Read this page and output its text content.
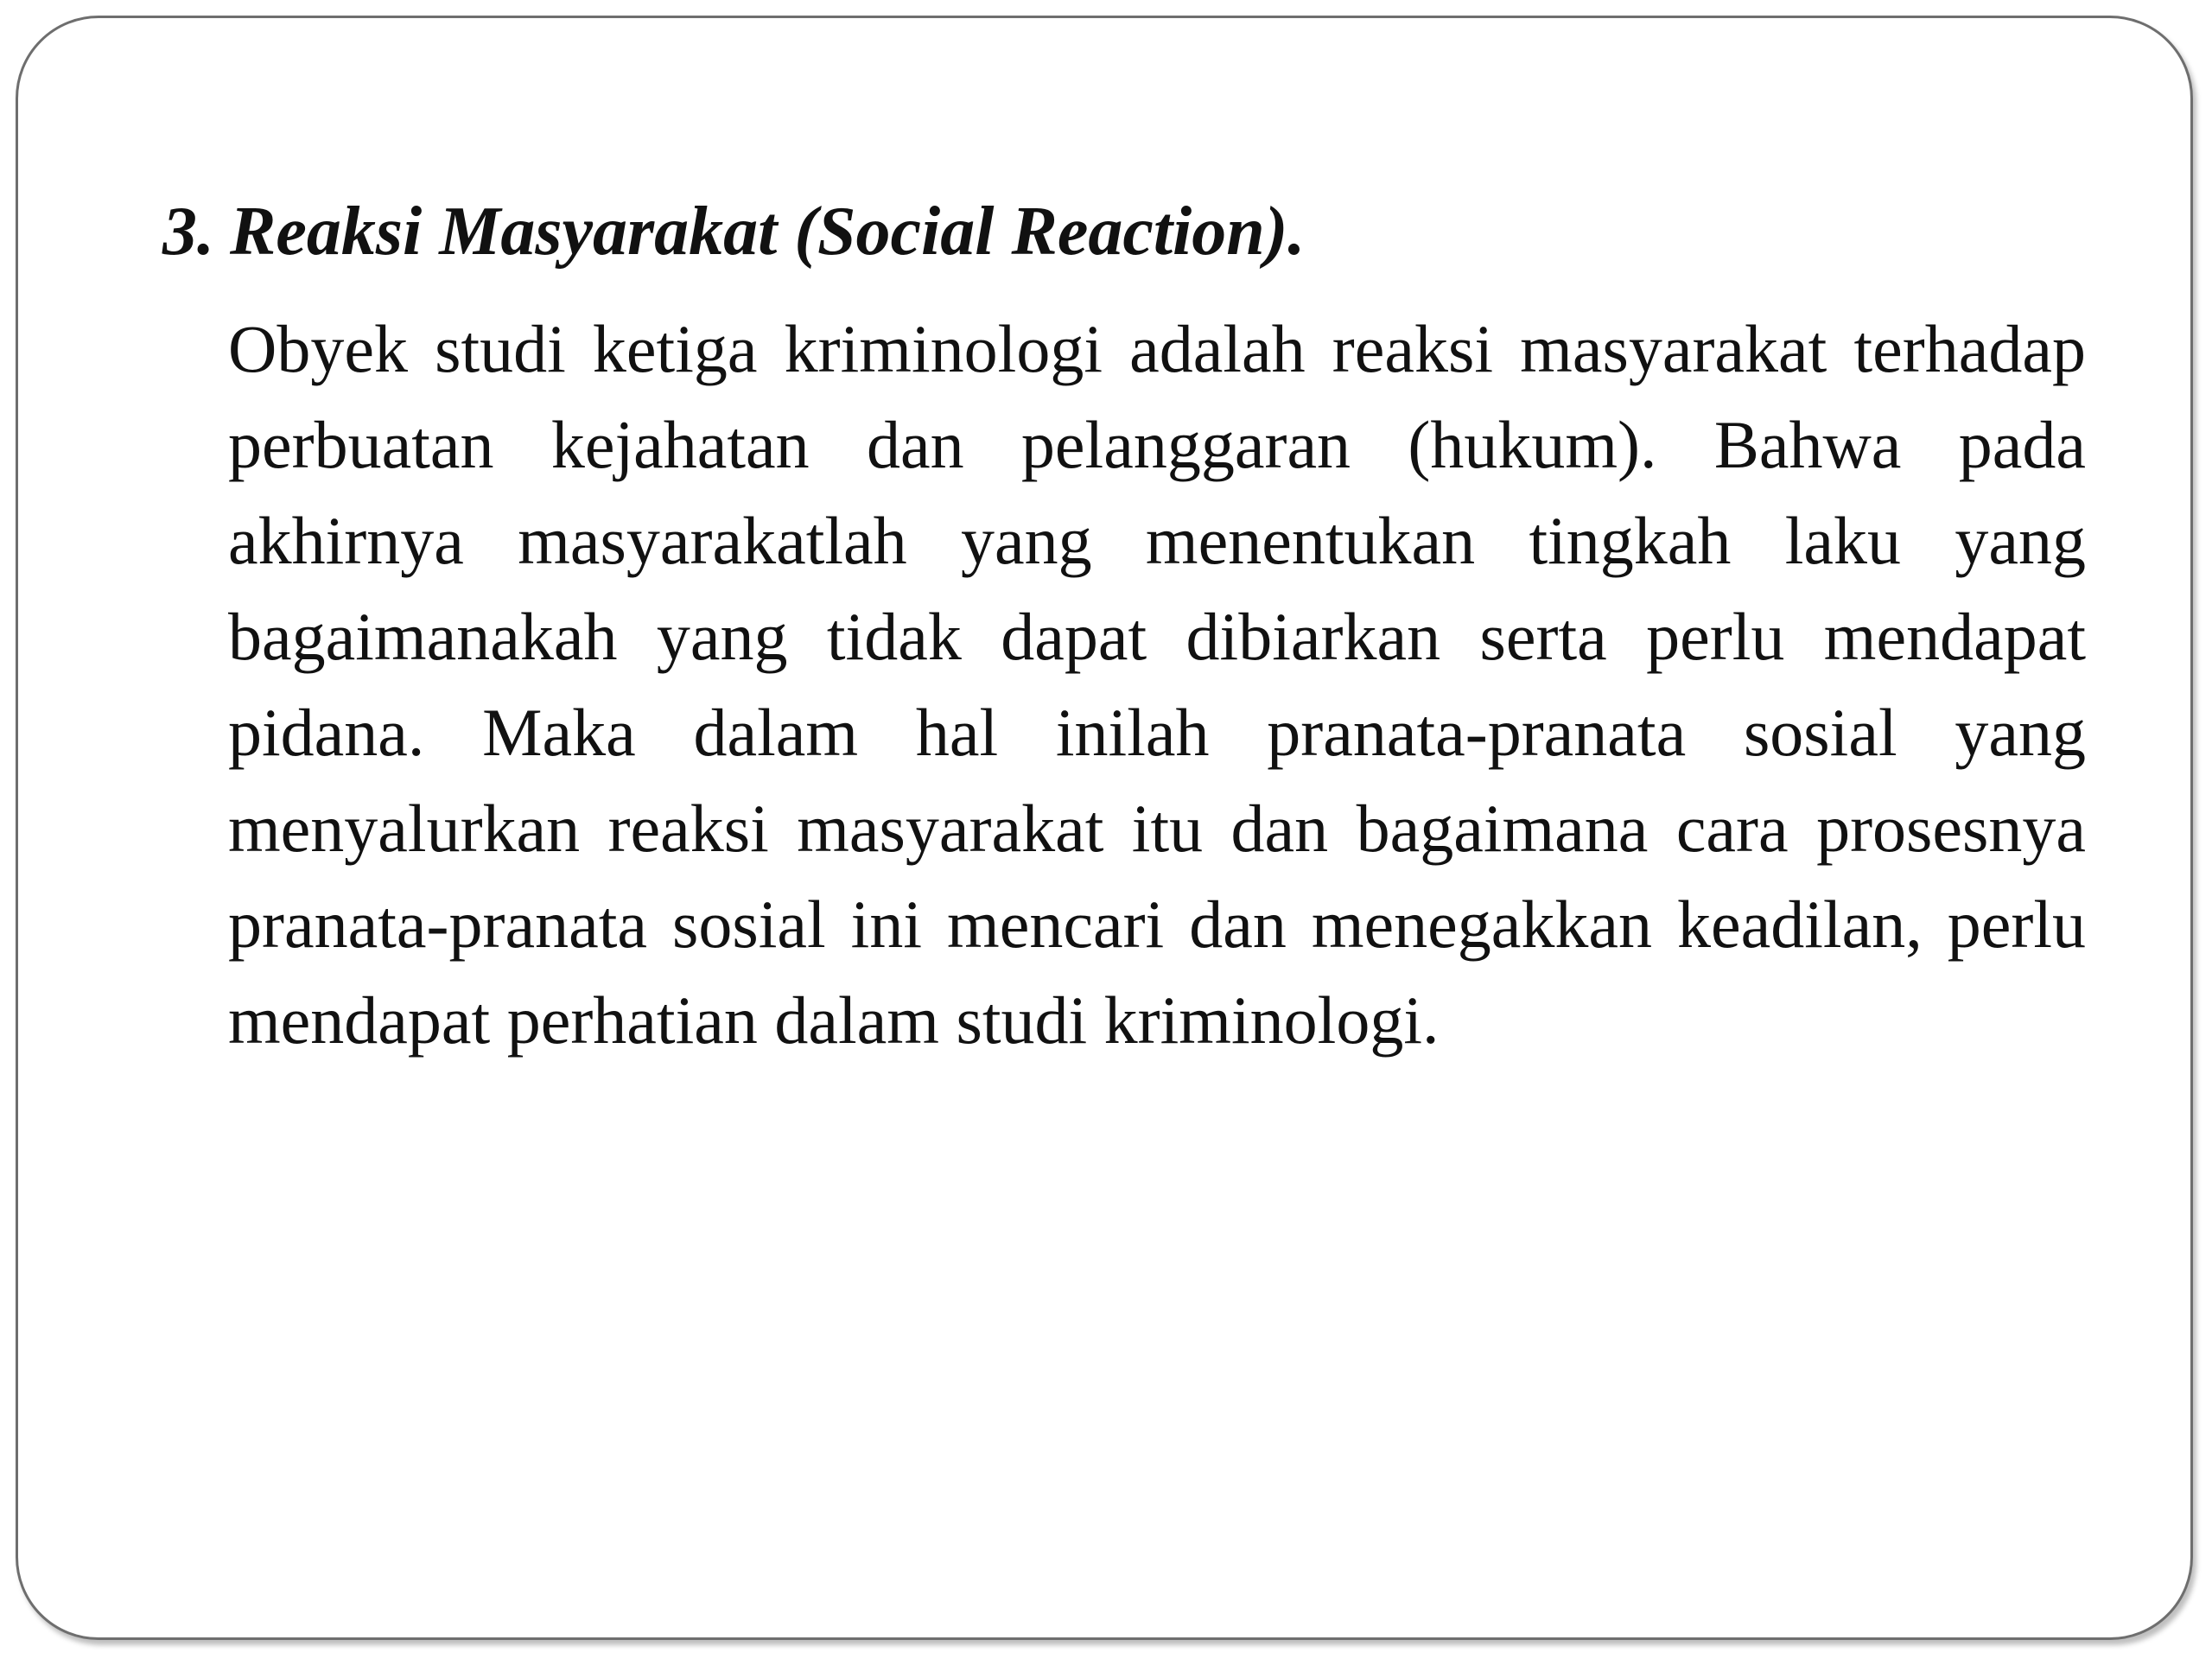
3. Reaksi Masyarakat (Social Reaction).

Obyek studi ketiga kriminologi adalah reaksi masyarakat terhadap perbuatan kejahatan dan pelanggaran (hukum). Bahwa pada akhirnya masyarakatlah yang menentukan tingkah laku yang bagaimanakah yang tidak dapat dibiarkan serta perlu mendapat pidana. Maka dalam hal inilah pranata-pranata sosial yang menyalurkan reaksi masyarakat itu dan bagaimana cara prosesnya pranata-pranata sosial ini mencari dan menegakkan keadilan, perlu mendapat perhatian dalam studi kriminologi.
